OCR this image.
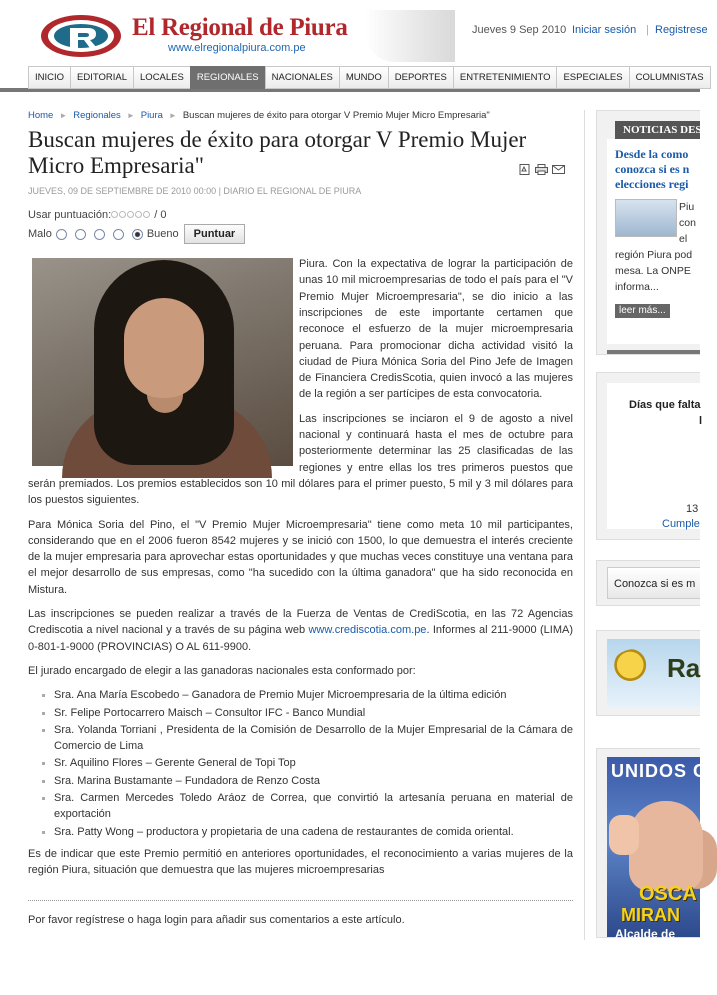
El Regional de Piura
www.elregionalpiura.com.pe
Jueves 9 Sep 2010 Iniciar sesión | Registrese
INICIO	EDITORIAL	LOCALES	REGIONALES	NACIONALES	MUNDO	DEPORTES	ENTRETENIMIENTO	ESPECIALES	COLUMNISTAS
Home ► Regionales ► Piura ► Buscan mujeres de éxito para otorgar V Premio Mujer Micro Empresaria"
Buscan mujeres de éxito para otorgar V Premio Mujer Micro Empresaria"
JUEVES, 09 DE SEPTIEMBRE DE 2010 00:00 | DIARIO EL REGIONAL DE PIURA
Usar puntuación:	/ 0
Malo	Bueno	Puntuar

Piura. Con la expectativa de lograr la participación de unas 10 mil microempresarias de todo el país para el "V Premio Mujer Microempresaria", se dio inicio a las inscripciones de este importante certamen que reconoce el esfuerzo de la mujer microempresaria peruana. Para promocionar dicha actividad visitó la ciudad de Piura Mónica Soria del Pino Jefe de Imagen de Financiera CredisScotia, quien invocó a las mujeres de la región a ser partícipes de esta convocatoria.

Las inscripciones se inciaron el 9 de agosto a nivel nacional y continuará hasta el mes de octubre para posteriormente determinar las 25 clasificadas de las regiones y entre ellas los tres primeros puestos que serán premiados. Los premios establecidos son 10 mil dólares para el primer puesto, 5 mil y 3 mil dólares para los puestos siguientes.

Para Mónica Soria del Pino, el "V Premio Mujer Microempresaria" tiene como meta 10 mil participantes, considerando que en el 2006 fueron 8542 mujeres y se inició con 1500, lo que demuestra el interés creciente de la mujer empresaria para aprovechar estas oportunidades y que muchas veces constituye una ventana para el mejor desarrollo de sus empresas, como "ha sucedido con la última ganadora" que ha sido reconocida en Mistura.

Las inscripciones se pueden realizar a través de la Fuerza de Ventas de CrediScotia, en las 72 Agencias Crediscotia a nivel nacional y a través de su página web www.crediscotia.com.pe. Informes al 211-9000 (LIMA) 0-801-1-9000 (PROVINCIAS) O AL 611-9900.

El jurado encargado de elegir a las ganadoras nacionales esta conformado por:

Sra. Ana María Escobedo – Ganadora de Premio Mujer Microempresaria de la última edición
Sr. Felipe Portocarrero Maisch – Consultor IFC - Banco Mundial
Sra. Yolanda Torriani , Presidenta de la Comisión de Desarrollo de la Mujer Empresarial de la Cámara de Comercio de Lima
Sr. Aquilino Flores – Gerente General de Topi Top
Sra. Marina Bustamante – Fundadora de Renzo Costa
Sra. Carmen Mercedes Toledo Aráoz de Correa, que convirtió la artesanía peruana en material de exportación
Sra. Patty Wong – productora y propietaria de una cadena de restaurantes de comida oriental.

Es de indicar que este Premio permitió en anteriores oportunidades, el reconocimiento a varias mujeres de la región Piura, situación que demuestra que las mujeres microempresarias

Por favor regístrese o haga login para añadir sus comentarios a este artículo.
NOTICIAS DES
Desde la como
conozca si es n
elecciones regi
Piu
con
el
región Piura pod
mesa. La ONPE
informa...
leer más...
Días que falta
l
13
Cumple
Conozca si es m
Ra
UNIDOS C
OSCA
MIRAN
Alcalde de
